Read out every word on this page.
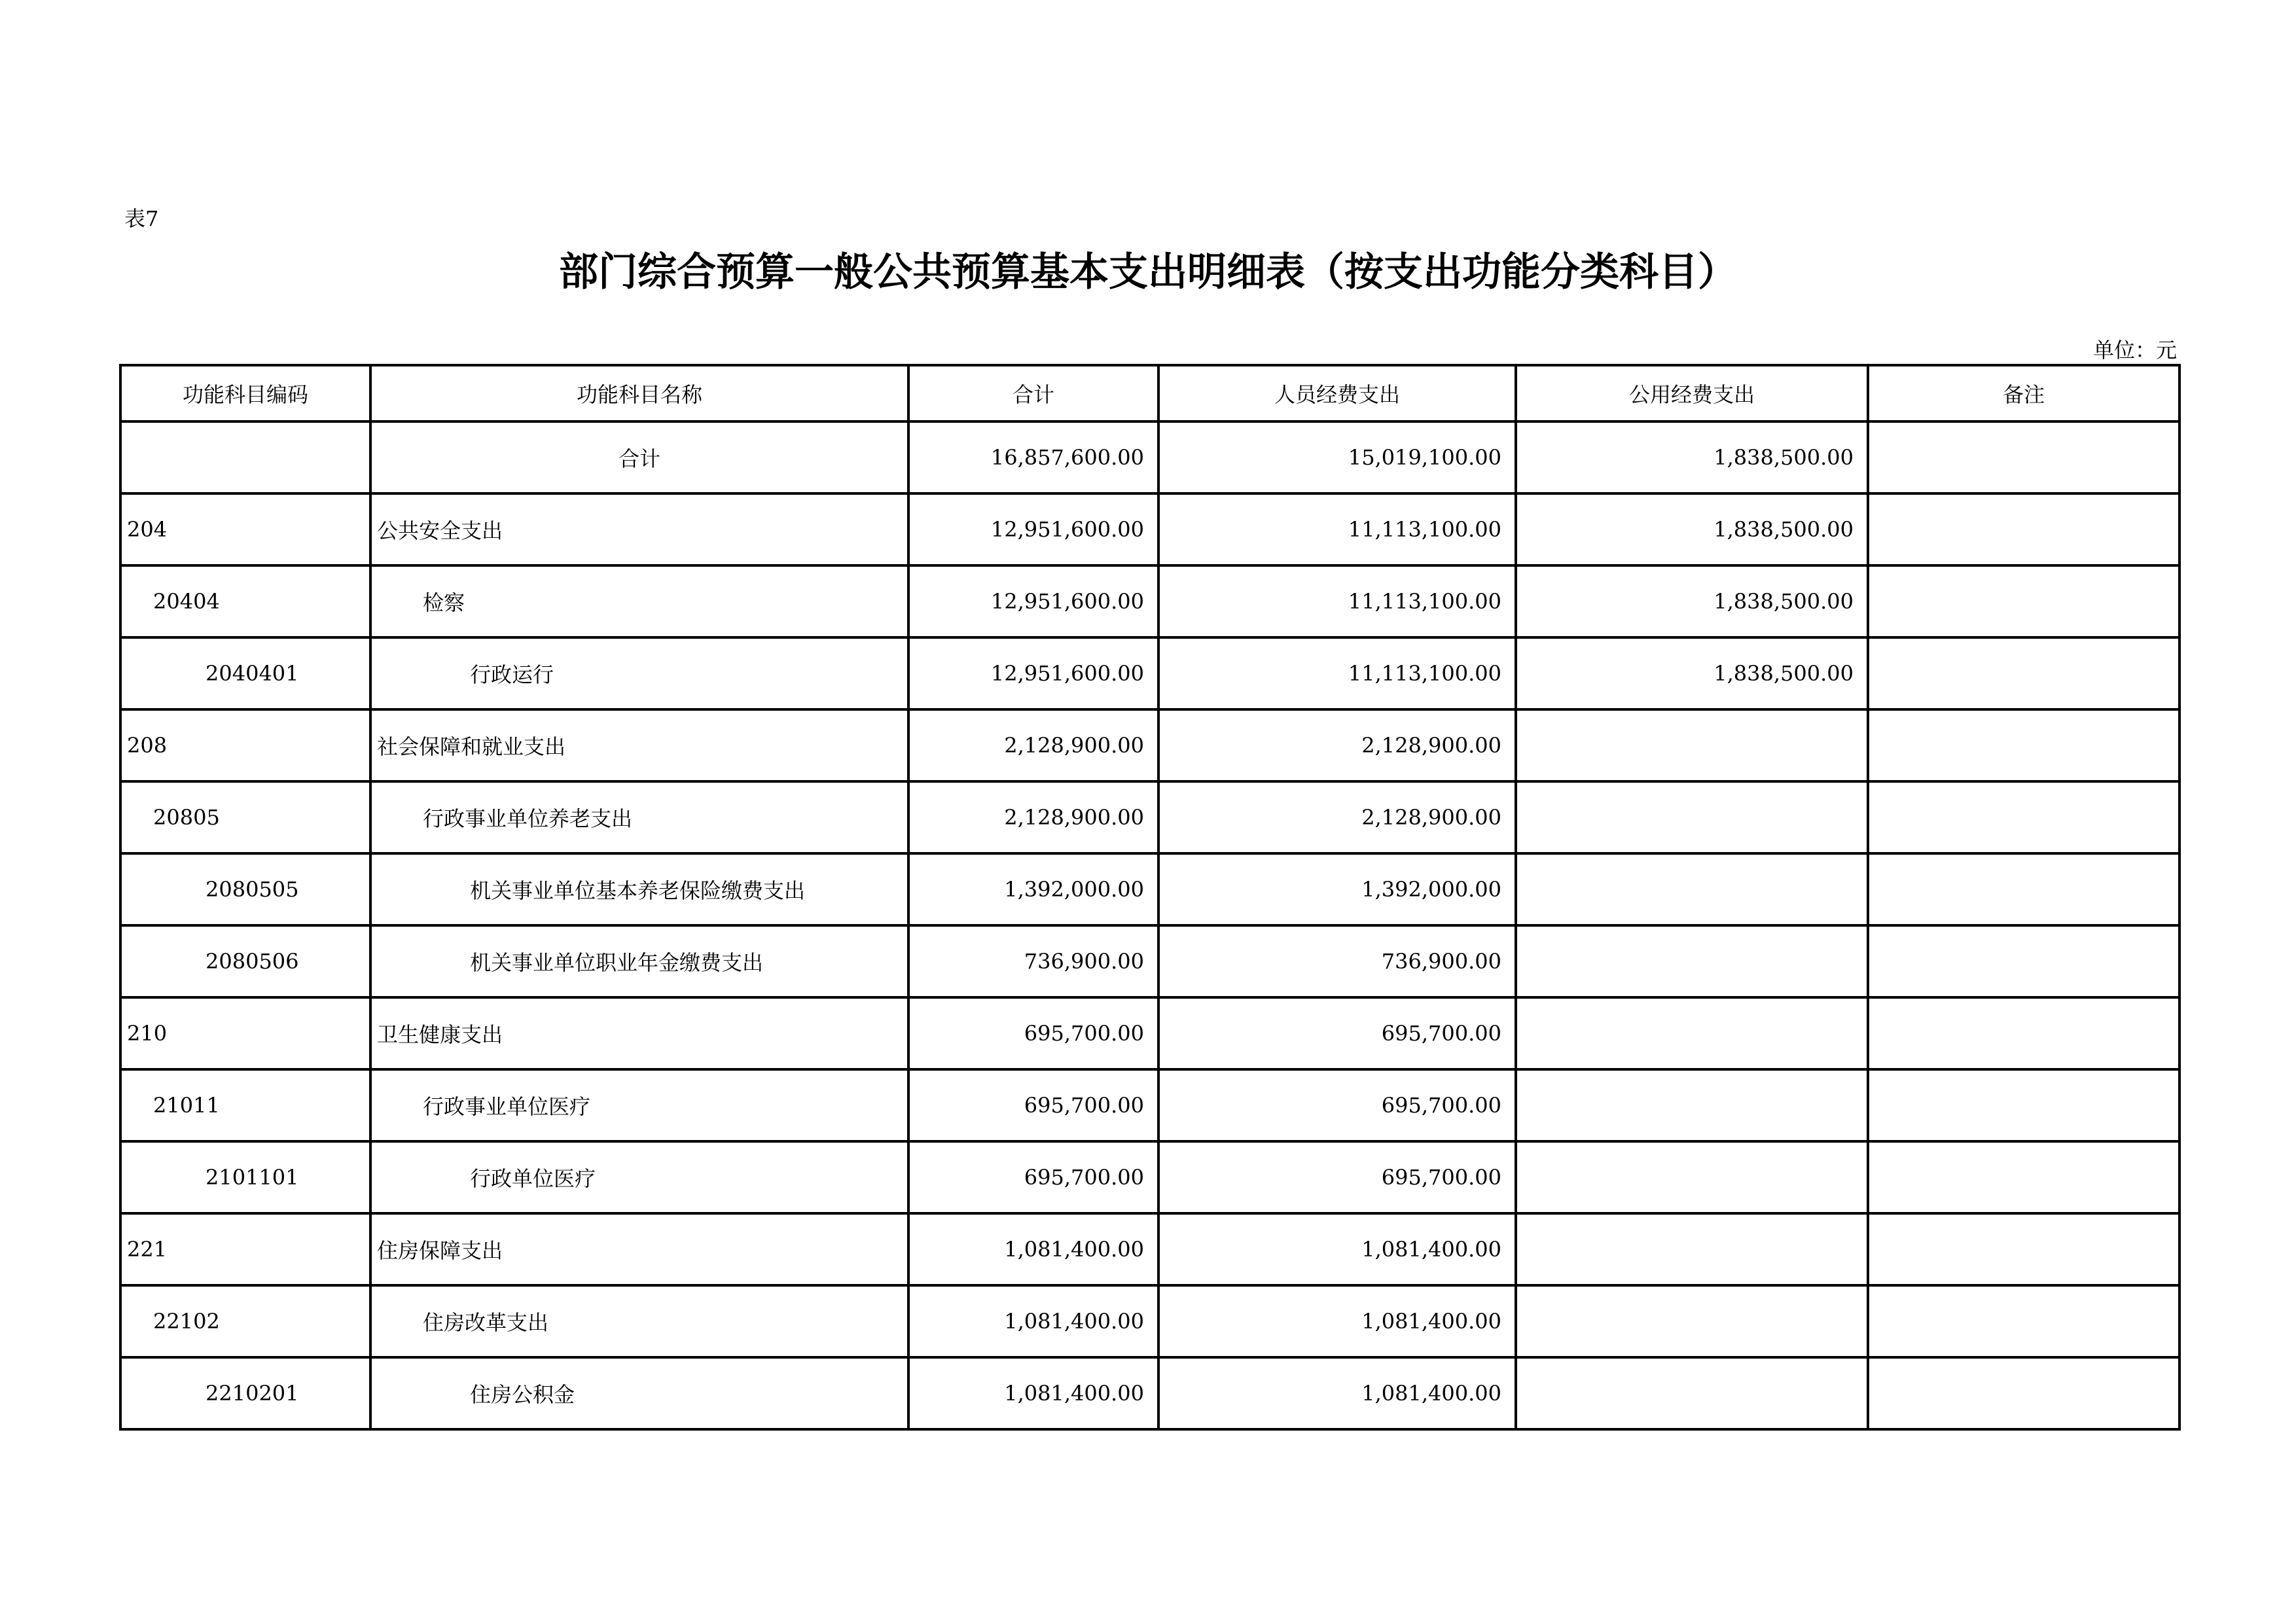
表7
部门综合预算一般公共预算基本支出明细表（按支出功能分类科目）
单位：元
功能科目编码	功能科目名称	合计	人员经费支出	公用经费支出	备注
	合计	16,857,600.00	15,019,100.00	1,838,500.00	
204	公共安全支出	12,951,600.00	11,113,100.00	1,838,500.00	
20404	检察	12,951,600.00	11,113,100.00	1,838,500.00	
2040401	行政运行	12,951,600.00	11,113,100.00	1,838,500.00	
208	社会保障和就业支出	2,128,900.00	2,128,900.00		
20805	行政事业单位养老支出	2,128,900.00	2,128,900.00		
2080505	机关事业单位基本养老保险缴费支出	1,392,000.00	1,392,000.00		
2080506	机关事业单位职业年金缴费支出	736,900.00	736,900.00		
210	卫生健康支出	695,700.00	695,700.00		
21011	行政事业单位医疗	695,700.00	695,700.00		
2101101	行政单位医疗	695,700.00	695,700.00		
221	住房保障支出	1,081,400.00	1,081,400.00		
22102	住房改革支出	1,081,400.00	1,081,400.00		
2210201	住房公积金	1,081,400.00	1,081,400.00		
